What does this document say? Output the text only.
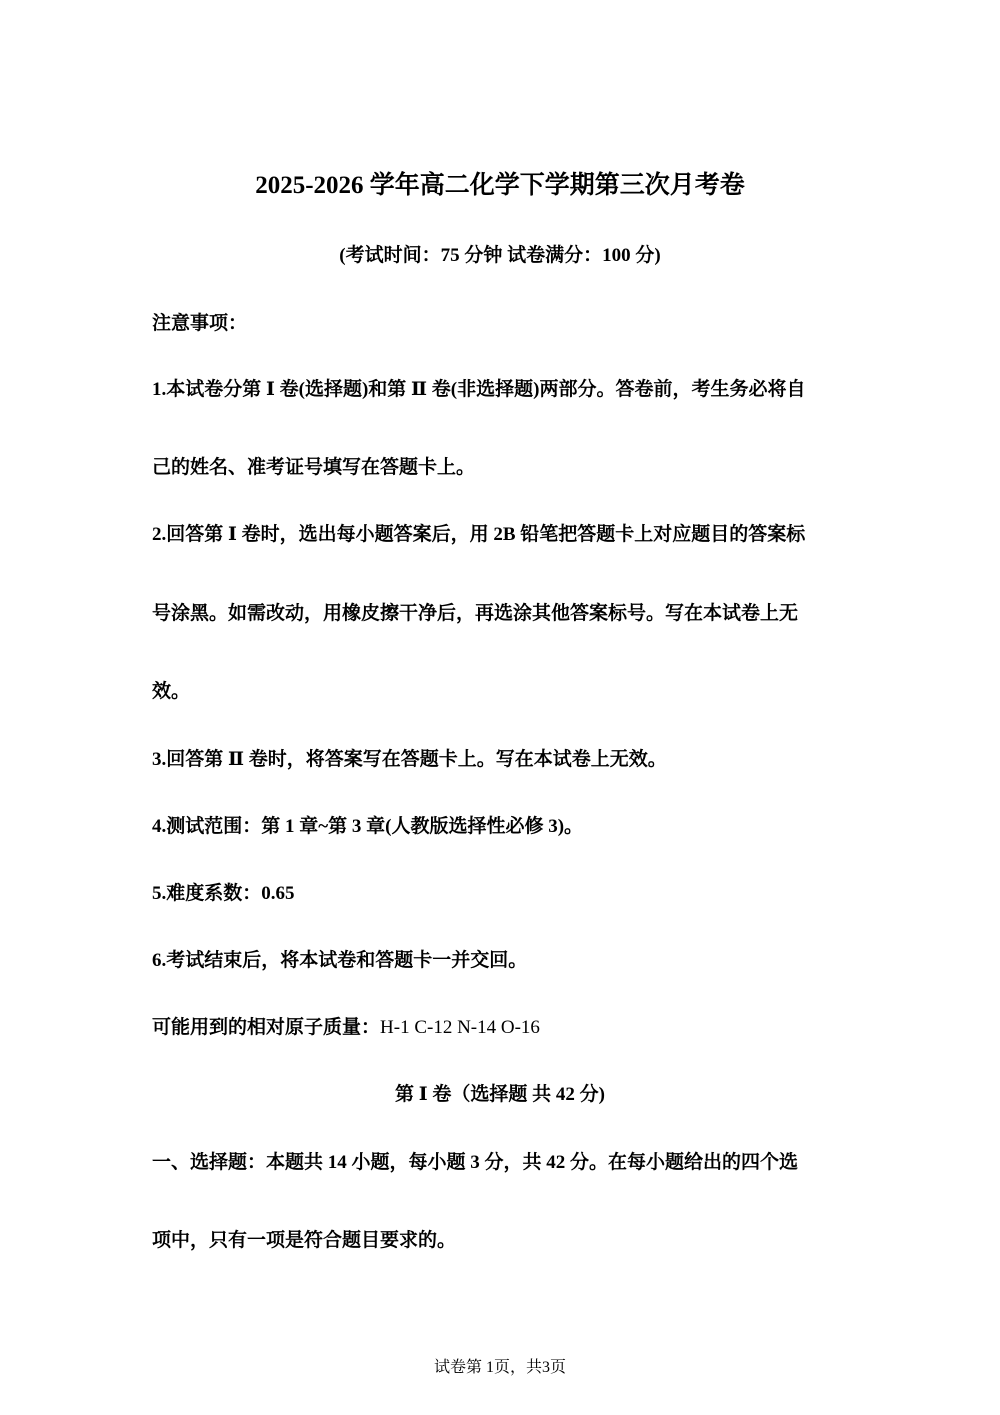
2025-2026 学年高二化学下学期第三次月考卷
(考试时间：75 分钟 试卷满分：100 分)
注意事项：
1.本试卷分第 Ⅰ 卷(选择题)和第 Ⅱ 卷(非选择题)两部分。答卷前，考生务必将自
己的姓名、准考证号填写在答题卡上。
2.回答第 Ⅰ 卷时，选出每小题答案后，用 2B 铅笔把答题卡上对应题目的答案标
号涂黑。如需改动，用橡皮擦干净后，再选涂其他答案标号。写在本试卷上无
效。
3.回答第 Ⅱ 卷时，将答案写在答题卡上。写在本试卷上无效。
4.测试范围：第 1 章~第 3 章(人教版选择性必修 3)。
5.难度系数：0.65
6.考试结束后，将本试卷和答题卡一并交回。
可能用到的相对原子质量：H-1 C-12 N-14 O-16
第 Ⅰ 卷（选择题 共 42 分)
一、选择题：本题共 14 小题，每小题 3 分，共 42 分。在每小题给出的四个选
项中，只有一项是符合题目要求的。
试卷第 1页，共3页
